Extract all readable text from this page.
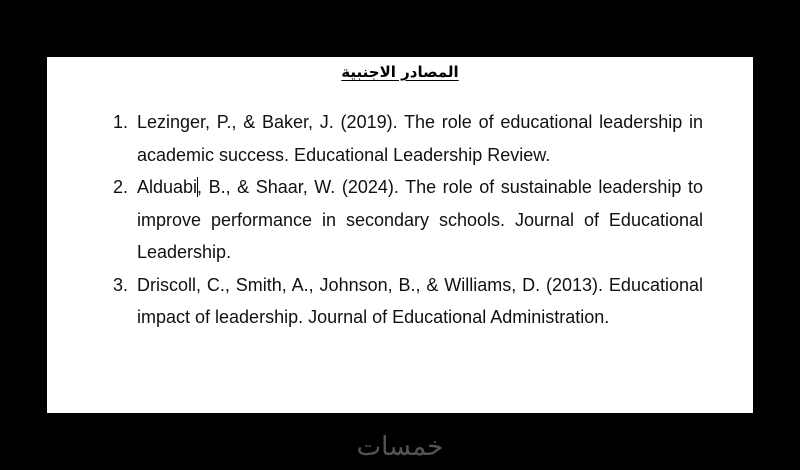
المصادر الاجنبية
1. Lezinger, P., & Baker, J. (2019). The role of educational leadership in academic success. Educational Leadership Review.
2. Alduabi, B., & Shaar, W. (2024). The role of sustainable leadership to improve performance in secondary schools. Journal of Educational Leadership.
3. Driscoll, C., Smith, A., Johnson, B., & Williams, D. (2013). Educational impact of leadership. Journal of Educational Administration.
خمسات
